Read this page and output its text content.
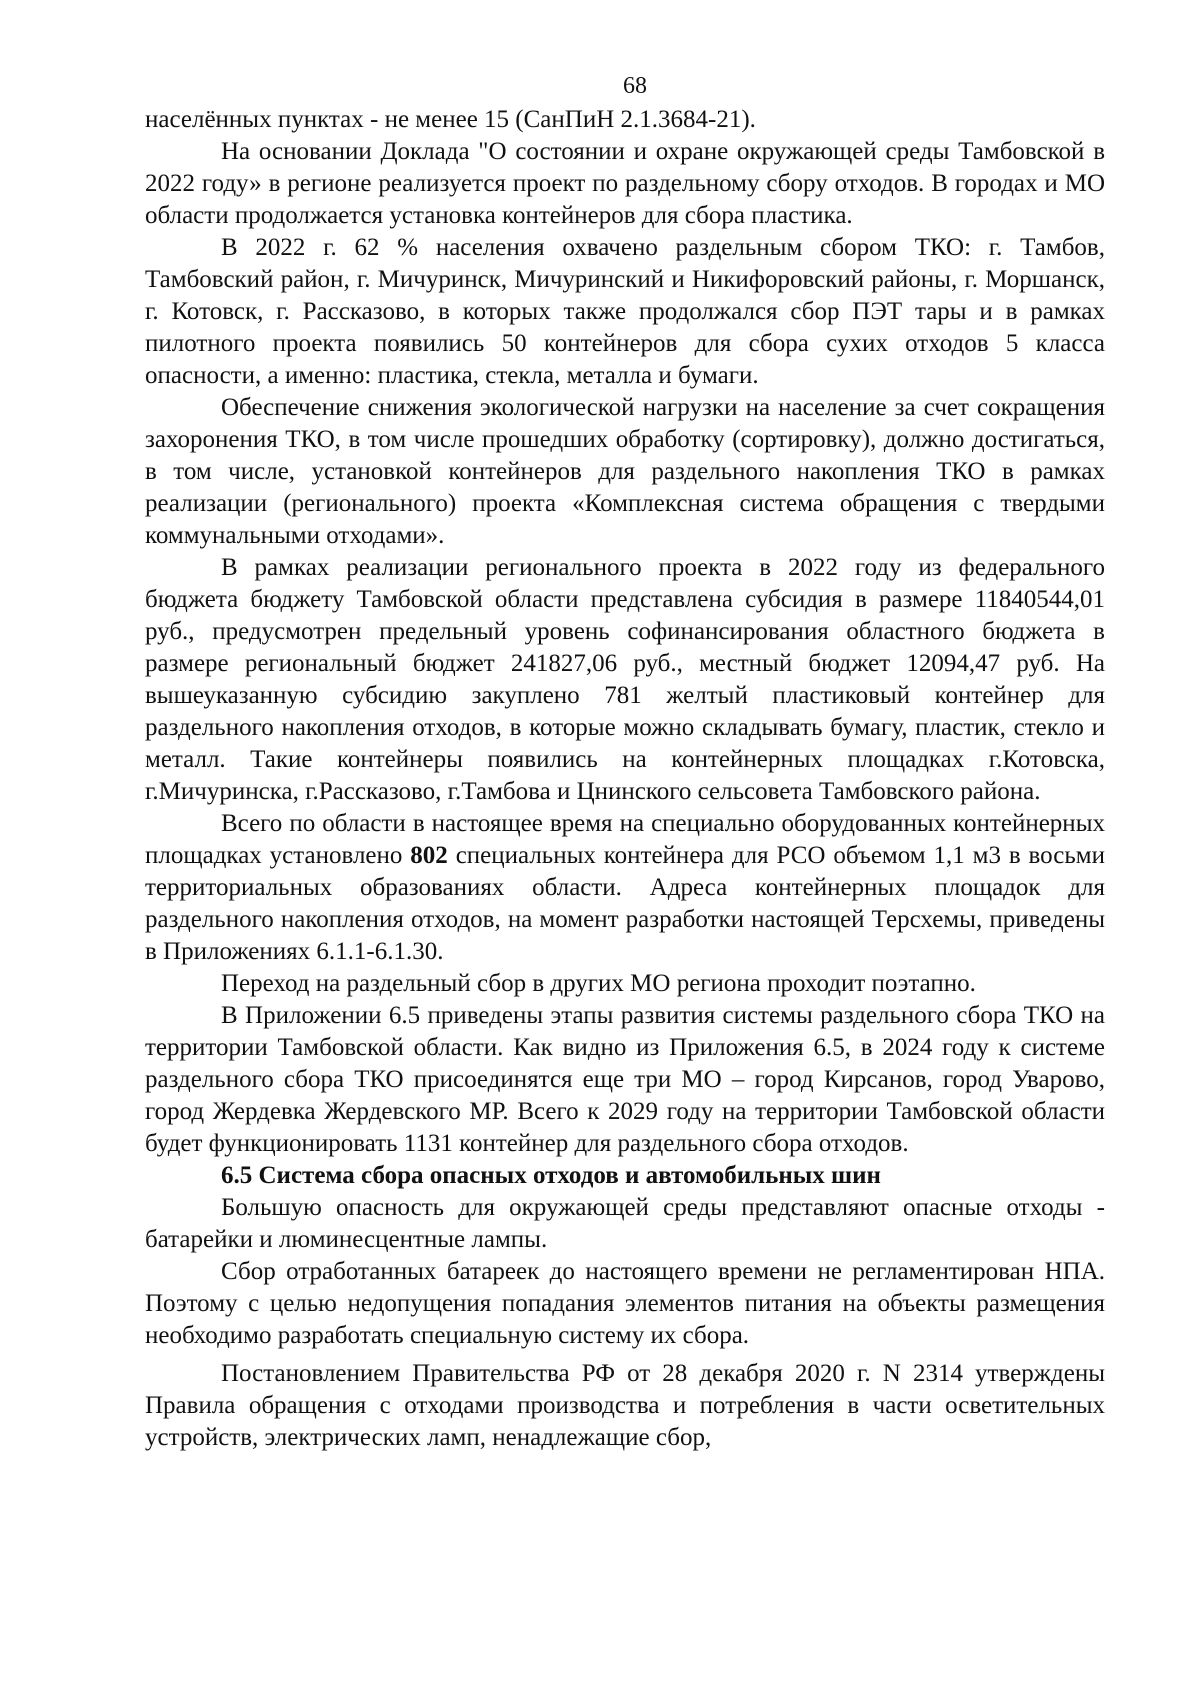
68

населённых пунктах - не менее 15 (СанПиН 2.1.3684-21).

На основании Доклада "О состоянии и охране окружающей среды Тамбовской в 2022 году» в регионе реализуется проект по раздельному сбору отходов. В городах и МО области продолжается установка контейнеров для сбора пластика.

В 2022 г. 62 % населения охвачено раздельным сбором ТКО: г. Тамбов, Тамбовский район, г. Мичуринск, Мичуринский и Никифоровский районы, г. Моршанск, г. Котовск, г. Рассказово, в которых также продолжался сбор ПЭТ тары и в рамках пилотного проекта появились 50 контейнеров для сбора сухих отходов 5 класса опасности, а именно: пластика, стекла, металла и бумаги.

Обеспечение снижения экологической нагрузки на население за счет сокращения захоронения ТКО, в том числе прошедших обработку (сортировку), должно достигаться, в том числе, установкой контейнеров для раздельного накопления ТКО в рамках реализации (регионального) проекта «Комплексная система обращения с твердыми коммунальными отходами».

В рамках реализации регионального проекта в 2022 году из федерального бюджета бюджету Тамбовской области представлена субсидия в размере 11840544,01 руб., предусмотрен предельный уровень софинансирования областного бюджета в размере региональный бюджет 241827,06 руб., местный бюджет 12094,47 руб. На вышеуказанную субсидию закуплено 781 желтый пластиковый контейнер для раздельного накопления отходов, в которые можно складывать бумагу, пластик, стекло и металл. Такие контейнеры появились на контейнерных площадках г.Котовска, г.Мичуринска, г.Рассказово, г.Тамбова и Цнинского сельсовета Тамбовского района.

Всего по области в настоящее время на специально оборудованных контейнерных площадках установлено 802 специальных контейнера для РСО объемом 1,1 м3 в восьми территориальных образованиях области. Адреса контейнерных площадок для раздельного накопления отходов, на момент разработки настоящей Терсхемы, приведены в Приложениях 6.1.1-6.1.30.

Переход на раздельный сбор в других МО региона проходит поэтапно.

В Приложении 6.5 приведены этапы развития системы раздельного сбора ТКО на территории Тамбовской области. Как видно из Приложения 6.5, в 2024 году к системе раздельного сбора ТКО присоединятся еще три МО – город Кирсанов, город Уварово, город Жердевка Жердевского МР. Всего к 2029 году на территории Тамбовской области будет функционировать 1131 контейнер для раздельного сбора отходов.

6.5 Система сбора опасных отходов и автомобильных шин

Большую опасность для окружающей среды представляют опасные отходы - батарейки и люминесцентные лампы.

Сбор отработанных батареек до настоящего времени не регламентирован НПА. Поэтому с целью недопущения попадания элементов питания на объекты размещения необходимо разработать специальную систему их сбора.

Постановлением Правительства РФ от 28 декабря 2020 г. N 2314 утверждены Правила обращения с отходами производства и потребления в части осветительных устройств, электрических ламп, ненадлежащие сбор,
